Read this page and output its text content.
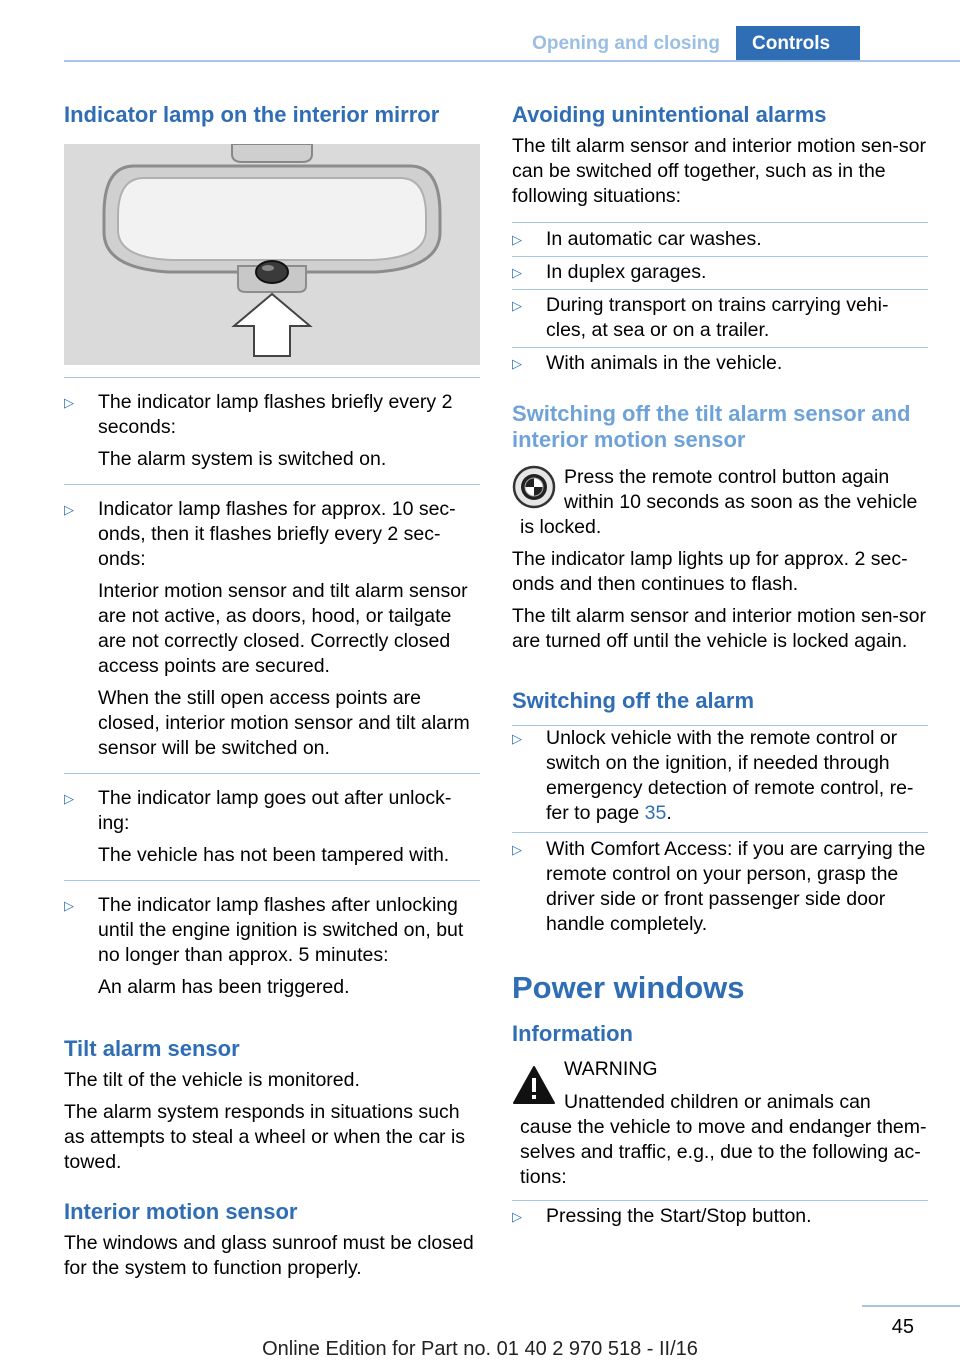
Opening and closing	Controls
Indicator lamp on the interior mirror
▷	The indicator lamp flashes briefly every 2 seconds:

The alarm system is switched on.

▷	Indicator lamp flashes for approx. 10 sec‐onds, then it flashes briefly every 2 sec‐onds:

Interior motion sensor and tilt alarm sensor are not active, as doors, hood, or tailgate are not correctly closed. Correctly closed access points are secured.

When the still open access points are closed, interior motion sensor and tilt alarm sensor will be switched on.

▷	The indicator lamp goes out after unlock‐ing:

The vehicle has not been tampered with.

▷	The indicator lamp flashes after unlocking until the engine ignition is switched on, but no longer than approx. 5 minutes:

An alarm has been triggered.

Tilt alarm sensor

The tilt of the vehicle is monitored.

The alarm system responds in situations such as attempts to steal a wheel or when the car is towed.

Interior motion sensor

The windows and glass sunroof must be closed for the system to function properly.

Avoiding unintentional alarms

The tilt alarm sensor and interior motion sen‐sor can be switched off together, such as in the following situations:

▷	In automatic car washes.

▷	In duplex garages.

▷	During transport on trains carrying vehi‐cles, at sea or on a trailer.

▷	With animals in the vehicle.

Switching off the tilt alarm sensor and interior motion sensor

Press the remote control button again within 10 seconds as soon as the vehicle is locked.

The indicator lamp lights up for approx. 2 sec‐onds and then continues to flash.

The tilt alarm sensor and interior motion sen‐sor are turned off until the vehicle is locked again.

Switching off the alarm
▷	Unlock vehicle with the remote control or switch on the ignition, if needed through emergency detection of remote control, re‐fer to page 35.

▷	With Comfort Access: if you are carrying the remote control on your person, grasp the driver side or front passenger side door handle completely.

Power windows
Information

WARNING

Unattended children or animals can cause the vehicle to move and endanger them‐selves and traffic, e.g., due to the following ac‐tions:

▷	Pressing the Start/Stop button.

45
Online Edition for Part no. 01 40 2 970 518 - II/16
